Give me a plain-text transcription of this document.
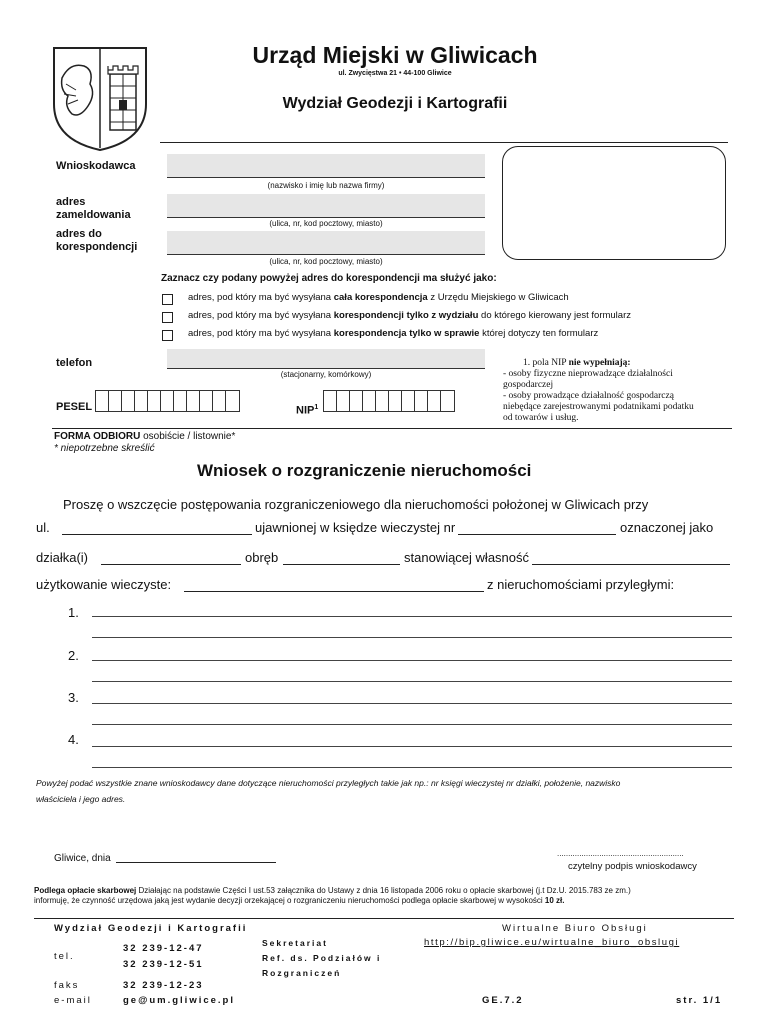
Urząd Miejski w Gliwicach
ul. Zwycięstwa 21 • 44-100 Gliwice
Wydział Geodezji i Kartografii
Wnioskodawca
(nazwisko i imię lub nazwa firmy)
adres zameldowania
(ulica, nr, kod pocztowy, miasto)
adres do korespondencji
(ulica, nr, kod pocztowy, miasto)
Zaznacz czy podany powyżej adres do korespondencji ma służyć jako:
adres, pod który ma być wysyłana cała korespondencja z Urzędu Miejskiego w Gliwicach
adres, pod który ma być wysyłana korespondencji tylko z wydziału do którego kierowany jest formularz
adres, pod który ma być wysyłana korespondencja tylko w sprawie której dotyczy ten formularz
telefon
(stacjonarny, komórkowy)
PESEL	NIP$^1$
1. pola NIP nie wypełniają:
- osoby fizyczne nieprowadzące działalności
gospodarczej
- osoby prowadzące działalność gospodarczą
niebędące zarejestrowanymi podatnikami podatku
od towarów i usług.
FORMA ODBIORU osobiście / listownie*
* niepotrzebne skreślić
Wniosek o rozgraniczenie nieruchomości
Proszę o wszczęcie postępowania rozgraniczeniowego dla nieruchomości położonej w Gliwicach przy
ul.	ujawnionej w księdze wieczystej nr	oznaczonej jako
działka(i)	obręb	stanowiącej własność
użytkowanie wieczyste:	z nieruchomościami przyległymi:
1.
2.
3.
4.
Powyżej podać wszystkie znane wnioskodawcy dane dotyczące nieruchomości przyległych takie jak np.: nr księgi wieczystej nr działki, położenie, nazwisko
właściciela i jego adres.
Gliwice, dnia	.........................................................
czytelny podpis wnioskodawcy
Podlega opłacie skarbowej Działając na podstawie Części I ust.53 załącznika do Ustawy z dnia 16 listopada 2006 roku o opłacie skarbowej (j.t Dz.U. 2015.783 ze zm.)
informuję, że czynność urzędowa jaką jest wydanie decyzji orzekającej o rozgraniczeniu nieruchomości podlega opłacie skarbowej w wysokości 10 zł.
Wydział Geodezji i Kartografii
tel.
32 239-12-47
32 239-12-51
faks	32 239-12-23
e-mail	ge@um.gliwice.pl
Sekretariat
Ref. ds. Podziałów i
Rozgraniczeń
Wirtualne Biuro Obsługi
http://bip.gliwice.eu/wirtualne_biuro_obslugi
GE.7.2	str. 1/1
